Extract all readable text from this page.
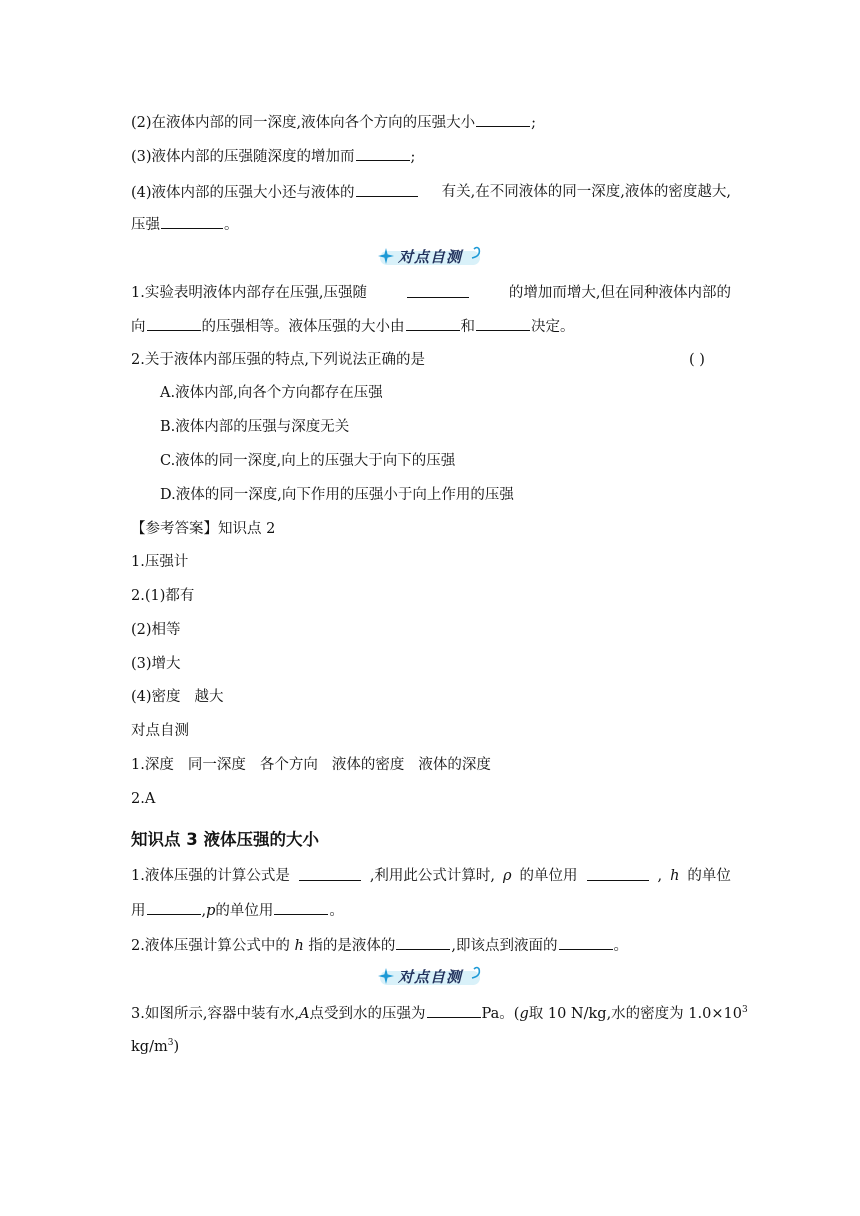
(2)在液体内部的同一深度,液体向各个方向的压强大小	;
(3)液体内部的压强随深度的增加而	;
(4)液体内部的压强大小还与液体的	有关,在不同液体的同一深度,液体的密度越大,
压强	。
对点自测
1.实验表明液体内部存在压强,压强随	的增加而增大,但在同种液体内部的
向	的压强相等。液体压强的大小由	和	决定。
2.关于液体内部压强的特点,下列说法正确的是	( )
A.液体内部,向各个方向都存在压强
B.液体内部的压强与深度无关
C.液体的同一深度,向上的压强大于向下的压强
D.液体的同一深度,向下作用的压强小于向上作用的压强
【参考答案】知识点 2
1.压强计
2.(1)都有
(2)相等
(3)增大
(4)密度 越大
对点自测
1.深度 同一深度 各个方向 液体的密度 液体的深度
2.A
知识点 3 液体压强的大小
1.液体压强的计算公式是	,利用此公式计算时, ρ 的单位用	, h 的单位
用	,p的单位用	。
2.液体压强计算公式中的 h 指的是液体的	,即该点到液面的	。
对点自测
3.如图所示,容器中装有水,A点受到水的压强为	Pa。(g取 10 N/kg,水的密度为 $1.0\times 10^3$
$kg/m^3$)
